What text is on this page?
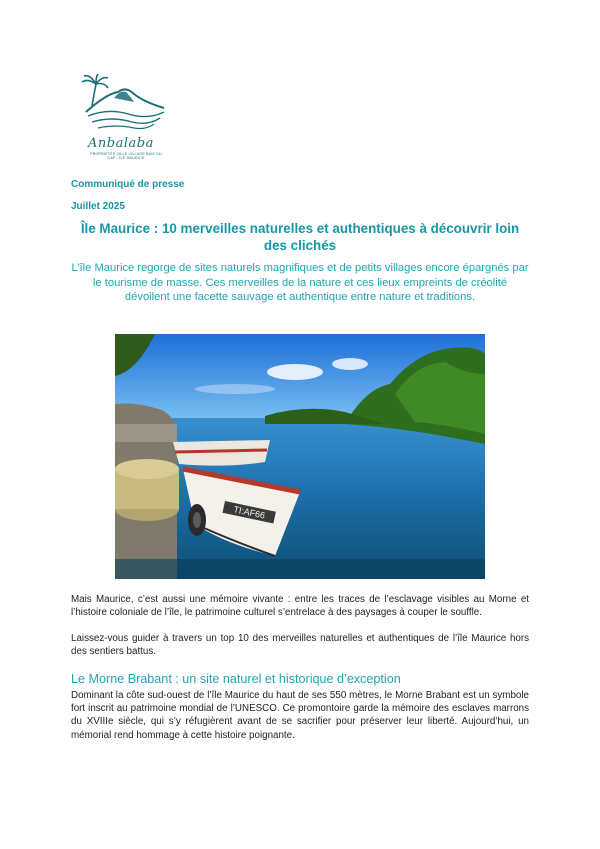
Anbalaba
PROPRIÉTÉS VILLE VILLAGE BAIE DU CAP - ÎLE MAURICE
Communiqué de presse
Juillet 2025
Île Maurice : 10 merveilles naturelles et authentiques à découvrir loin des clichés
L’île Maurice regorge de sites naturels magnifiques et de petits villages encore épargnés par le tourisme de masse. Ces merveilles de la nature et ces lieux empreints de créolité dévoilent une facette sauvage et authentique entre nature et traditions.
TI:AF66
Mais Maurice, c’est aussi une mémoire vivante : entre les traces de l’esclavage visibles au Morne et l’histoire coloniale de l’île, le patrimoine culturel s’entrelace à des paysages à couper le souffle.
Laissez-vous guider à travers un top 10 des merveilles naturelles et authentiques de l’île Maurice hors des sentiers battus.
Le Morne Brabant : un site naturel et historique d’exception
Dominant la côte sud-ouest de l’île Maurice du haut de ses 550 mètres, le Morne Brabant est un symbole fort inscrit au patrimoine mondial de l’UNESCO. Ce promontoire garde la mémoire des esclaves marrons du XVIIIe siècle, qui s’y réfugièrent avant de se sacrifier pour préserver leur liberté. Aujourd’hui, un mémorial rend hommage à cette histoire poignante.
